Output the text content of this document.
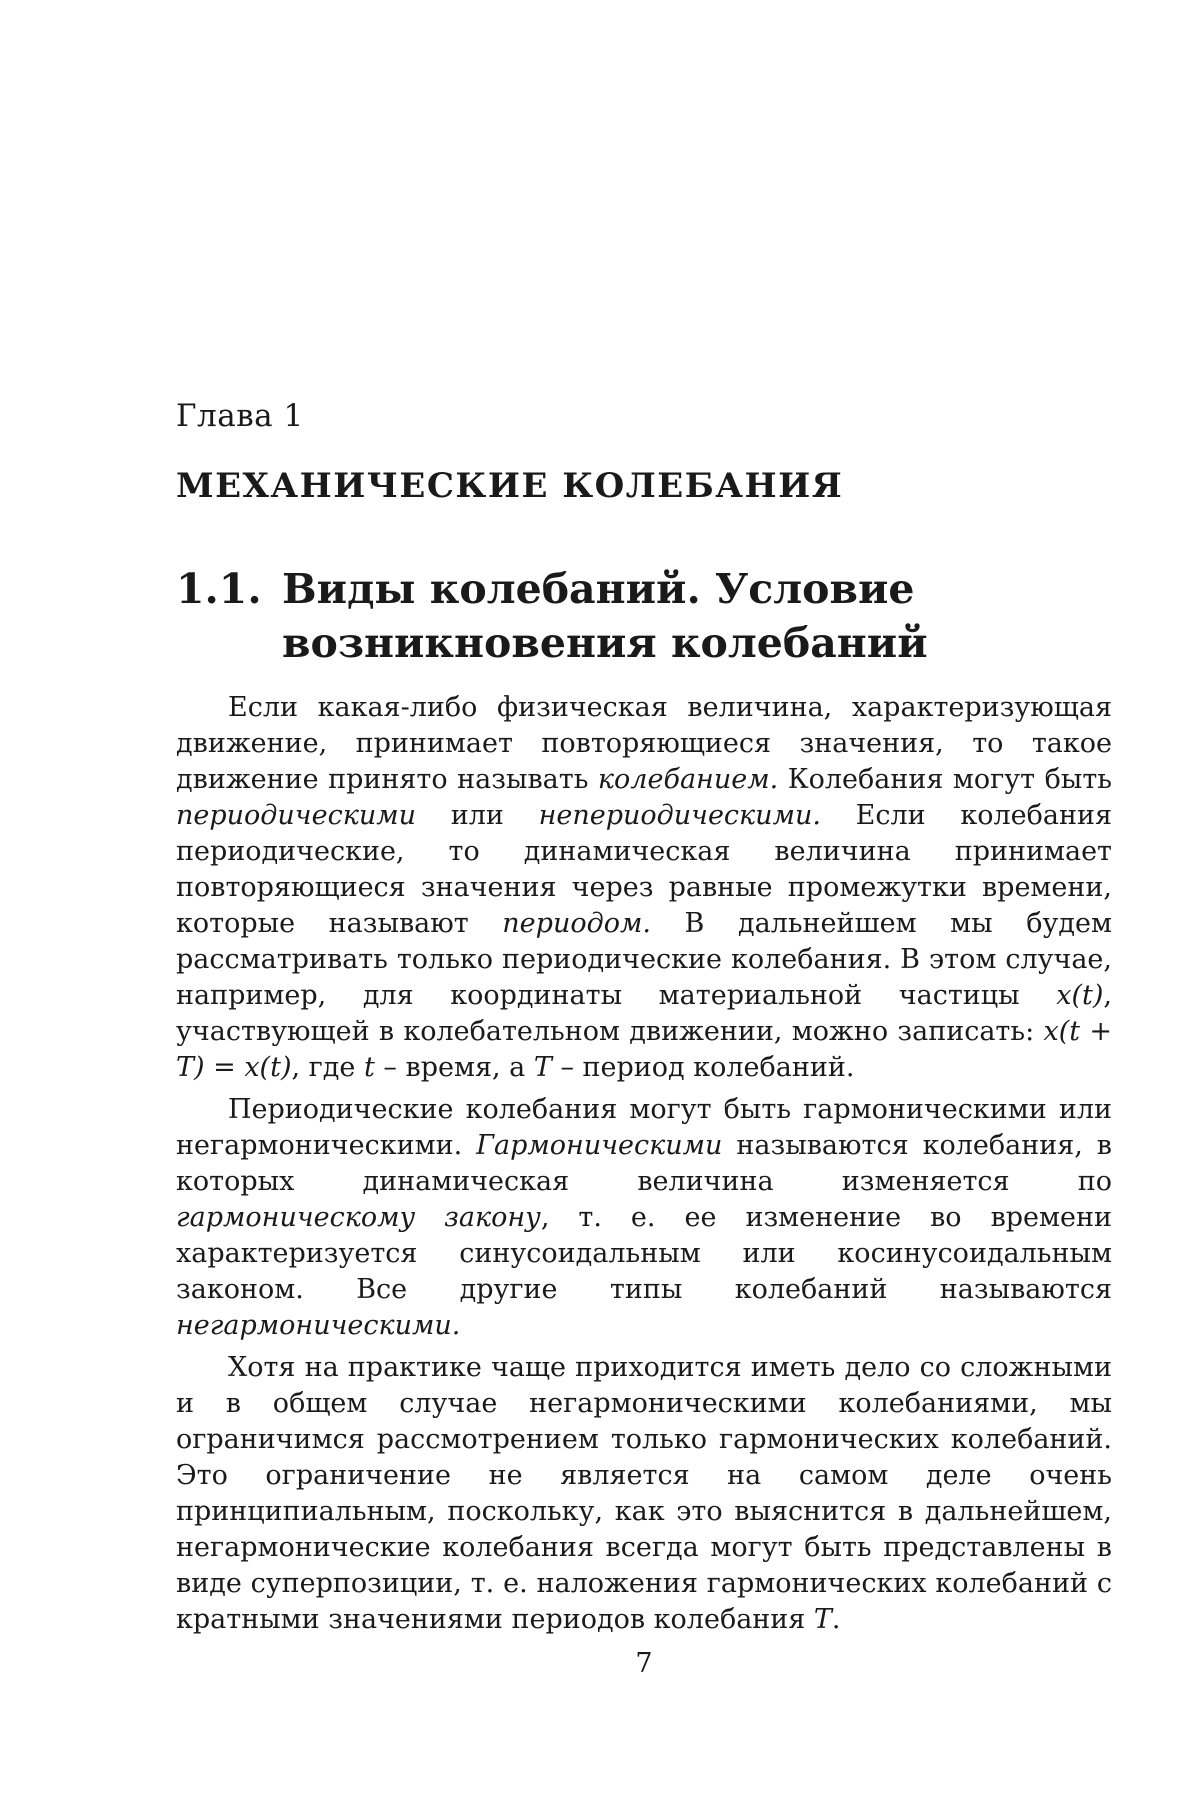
Глава 1
МЕХАНИЧЕСКИЕ КОЛЕБАНИЯ
1.1. Виды колебаний. Условие
возникновения колебаний

Если какая-либо физическая величина, характеризующая движение, принимает повторяющиеся значения, то такое движение принято называть колебанием. Колебания могут быть периодическими или непериодическими. Если колебания периодические, то динамическая величина принимает повторяющиеся значения через равные промежутки времени, которые называют периодом. В дальнейшем мы будем рассматривать только периодические колебания. В этом случае, например, для координаты материальной частицы x(t), участвующей в колебательном движении, можно записать: x(t + T) = x(t), где t – время, а T – период колебаний.

Периодические колебания могут быть гармоническими или негармоническими. Гармоническими называются колебания, в которых динамическая величина изменяется по гармоническому закону, т. е. ее изменение во времени характеризуется синусоидальным или косинусоидальным законом. Все другие типы колебаний называются негармоническими.

Хотя на практике чаще приходится иметь дело со сложными и в общем случае негармоническими колебаниями, мы ограничимся рассмотрением только гармонических колебаний. Это ограничение не является на самом деле очень принципиальным, поскольку, как это выяснится в дальнейшем, негармонические колебания всегда могут быть представлены в виде суперпозиции, т. е. наложения гармонических колебаний с кратными значениями периодов колебания T.

7
